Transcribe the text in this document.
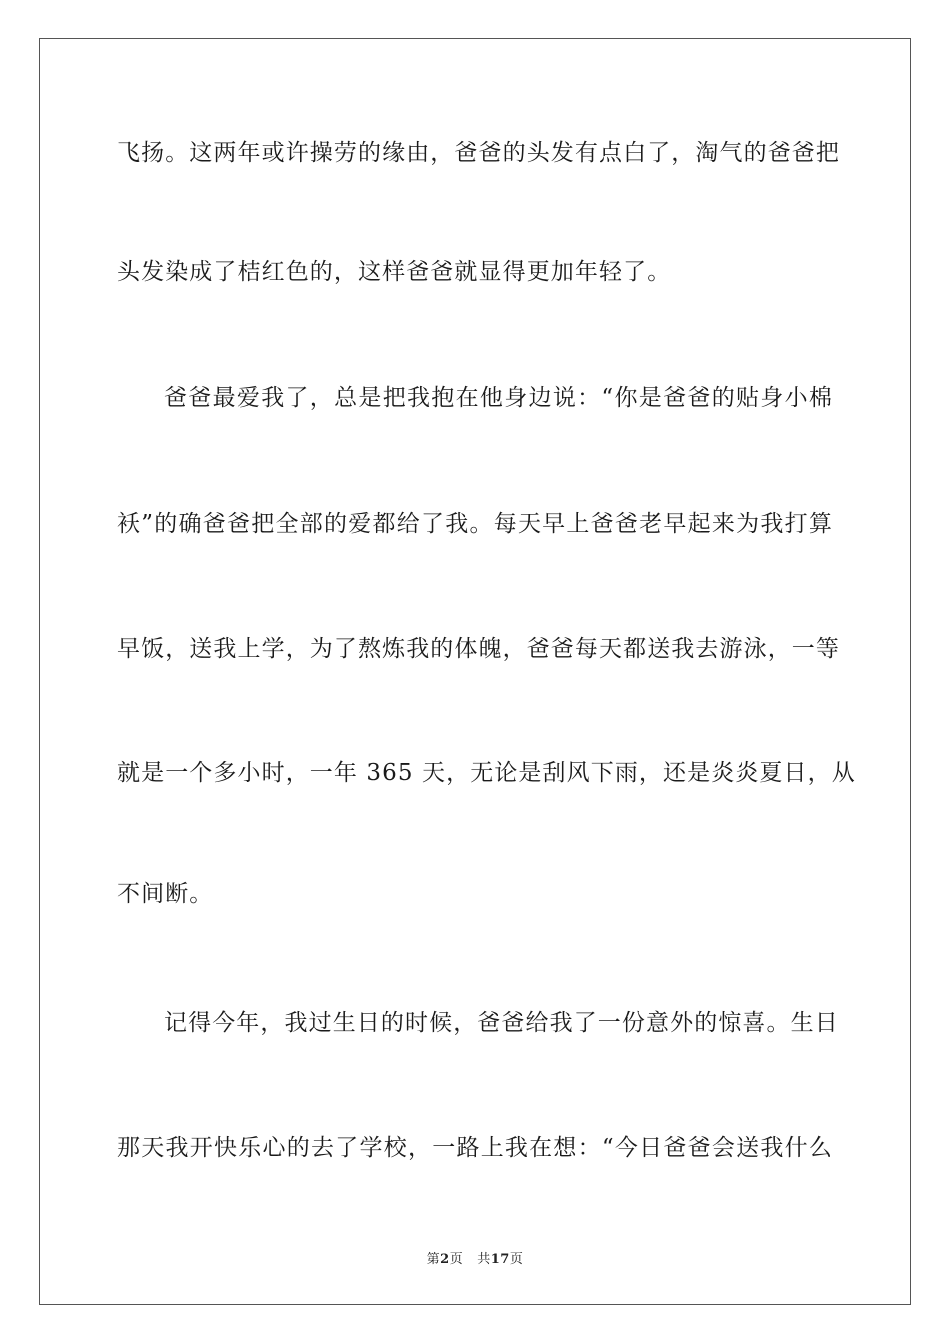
飞扬。这两年或许操劳的缘由，爸爸的头发有点白了，淘气的爸爸把
头发染成了桔红色的，这样爸爸就显得更加年轻了。
爸爸最爱我了，总是把我抱在他身边说：“你是爸爸的贴身小棉
袄”的确爸爸把全部的爱都给了我。每天早上爸爸老早起来为我打算
早饭，送我上学，为了熬炼我的体魄，爸爸每天都送我去游泳，一等
就是一个多小时，一年 365 天，无论是刮风下雨，还是炎炎夏日，从
不间断。
记得今年，我过生日的时候，爸爸给我了一份意外的惊喜。生日
那天我开快乐心的去了学校，一路上我在想：“今日爸爸会送我什么
第2页 共17页
